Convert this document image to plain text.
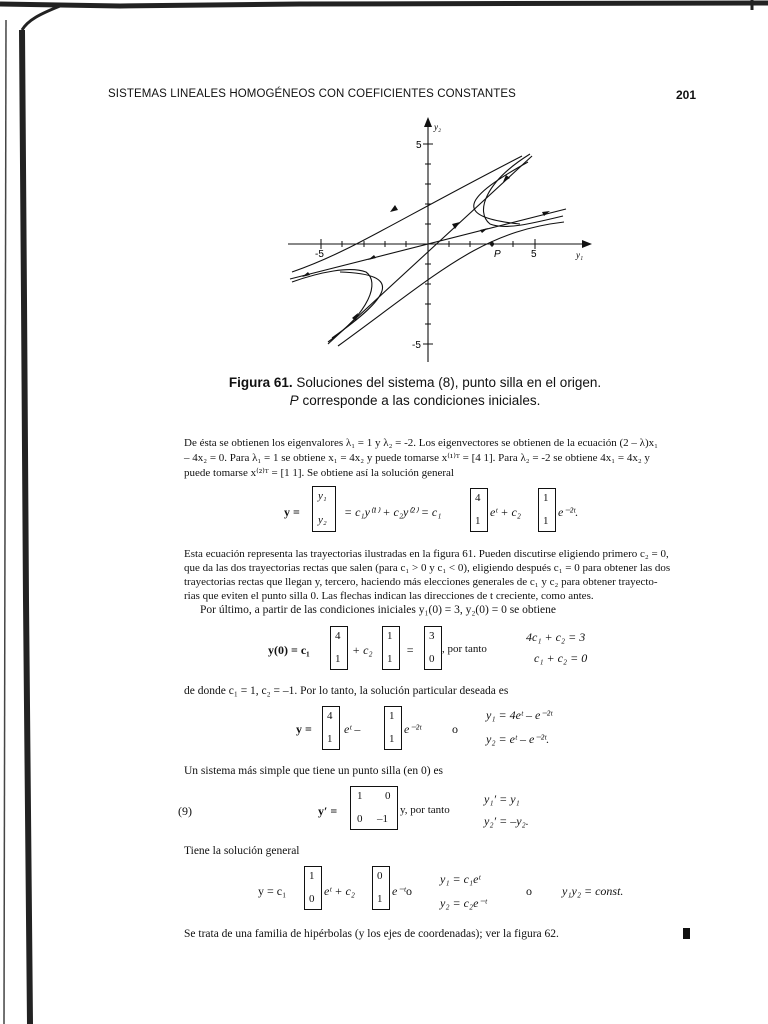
SISTEMAS LINEALES HOMOGÉNEOS CON COEFICIENTES CONSTANTES	201
y₂
y₁
5
-5
-5	5
P
Figura 61. Soluciones del sistema (8), punto silla en el origen.
P corresponde a las condiciones iniciales.
De ésta se obtienen los eigenvalores λ₁ = 1 y λ₂ = -2. Los eigenvectores se obtienen de la ecuación (2 – λ)x₁
– 4x₂ = 0. Para λ₁ = 1 se obtiene x₁ = 4x₂ y puede tomarse x⁽¹⁾ᵀ = [4 1]. Para λ₂ = -2 se obtiene 4x₁ = 4x₂ y
puede tomarse x⁽²⁾ᵀ = [1 1]. Se obtiene así la solución general
y =
y₁
y₂
= c₁y⁽¹⁾ + c₂y⁽²⁾ = c₁
4
1
eᵗ + c₂
1
1
e⁻²ᵗ.
Esta ecuación representa las trayectorias ilustradas en la figura 61. Pueden discutirse eligiendo primero c₂ = 0,
que da las dos trayectorias rectas que salen (para c₁ > 0 y c₁ < 0), eligiendo después c₁ = 0 para obtener las dos
trayectorias rectas que llegan y, tercero, haciendo más elecciones generales de c₁ y c₂ para obtener trayecto-
rias que eviten el punto silla 0. Las flechas indican las direcciones de t creciente, como antes.
Por último, a partir de las condiciones iniciales y₁(0) = 3, y₂(0) = 0 se obtiene
y(0) = c₁
4
1
+ c₂
1
1
=
3
0
, por tanto
4c₁ + c₂ = 3
c₁ + c₂ = 0
de donde c₁ = 1, c₂ = –1. Por lo tanto, la solución particular deseada es
y =
4
1
eᵗ –
1
1
e⁻²ᵗ	o
y₁ = 4eᵗ – e⁻²ᵗ
y₂ = eᵗ – e⁻²ᵗ.
Un sistema más simple que tiene un punto silla (en 0) es
(9)	y′ =
1 0
0 –1
y, por tanto
y₁′ = y₁
y₂′ = –y₂.
Tiene la solución general
y = c₁
1
0
eᵗ + c₂
0
1
e⁻ᵗ o
y₁ = c₁eᵗ
y₂ = c₂e⁻ᵗ
o	y₁y₂ = const.
Se trata de una familia de hipérbolas (y los ejes de coordenadas); ver la figura 62.
